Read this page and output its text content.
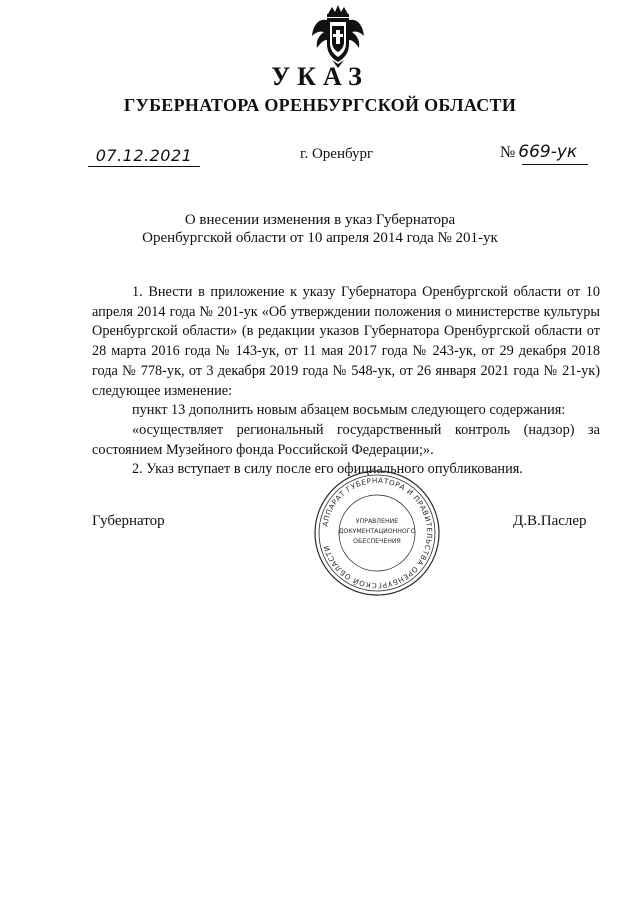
УКАЗ
ГУБЕРНАТОРА ОРЕНБУРГСКОЙ ОБЛАСТИ
07.12.2021	г. Оренбург	№ 669-ук
О внесении изменения в указ Губернатора
Оренбургской области от 10 апреля 2014 года № 201-ук

1. Внести в приложение к указу Губернатора Оренбургской области от 10 апреля 2014 года № 201-ук «Об утверждении положения о министерстве культуры Оренбургской области» (в редакции указов Губернатора Оренбургской области от 28 марта 2016 года № 143-ук, от 11 мая 2017 года № 243-ук, от 29 декабря 2018 года № 778-ук, от 3 декабря 2019 года № 548-ук, от 26 января 2021 года № 21-ук) следующее изменение:

пункт 13 дополнить новым абзацем восьмым следующего содержания:

«осуществляет региональный государственный контроль (надзор) за состоянием Музейного фонда Российской Федерации;».

2. Указ вступает в силу после его официального опубликования.

Губернатор	Д.В.Паслер
АППАРАТ ГУБЕРНАТОРА И ПРАВИТЕЛЬСТВА ОРЕНБУРГСКОЙ ОБЛАСТИ
УПРАВЛЕНИЕ
ДОКУМЕНТАЦИОННОГО
ОБЕСПЕЧЕНИЯ
